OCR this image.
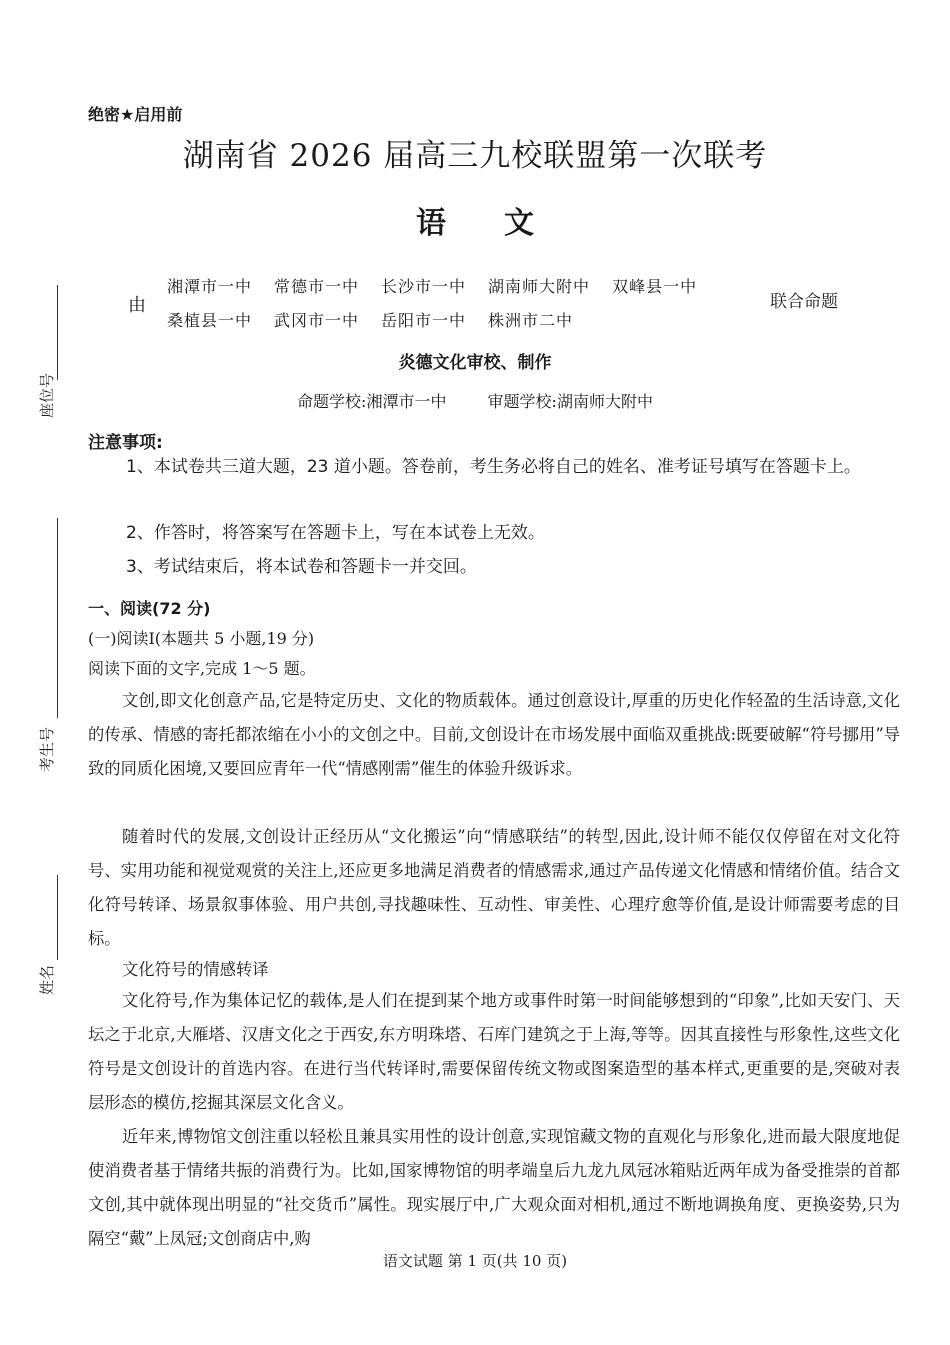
座位号
考生号
姓名
绝密★启用前
湖南省 2026 届高三九校联盟第一次联考
语文
由
湘潭市一中 常德市一中 长沙市一中 湖南师大附中 双峰县一中
桑植县一中 武冈市一中 岳阳市一中 株洲市二中
联合命题
炎德文化审校、制作
命题学校:湘潭市一中	审题学校:湖南师大附中
注意事项:
1、本试卷共三道大题，23 道小题。答卷前，考生务必将自己的姓名、准考证号填写在答题卡上。
2、作答时，将答案写在答题卡上，写在本试卷上无效。
3、考试结束后，将本试卷和答题卡一并交回。
一、阅读(72 分)
(一)阅读Ⅰ(本题共 5 小题,19 分)
阅读下面的文字,完成 1～5 题。
文创,即文化创意产品,它是特定历史、文化的物质载体。通过创意设计,厚重的历史化作轻盈的生活诗意,文化的传承、情感的寄托都浓缩在小小的文创之中。目前,文创设计在市场发展中面临双重挑战:既要破解“符号挪用”导致的同质化困境,又要回应青年一代“情感刚需”催生的体验升级诉求。
随着时代的发展,文创设计正经历从“文化搬运”向“情感联结”的转型,因此,设计师不能仅仅停留在对文化符号、实用功能和视觉观赏的关注上,还应更多地满足消费者的情感需求,通过产品传递文化情感和情绪价值。结合文化符号转译、场景叙事体验、用户共创,寻找趣味性、互动性、审美性、心理疗愈等价值,是设计师需要考虑的目标。
文化符号的情感转译
文化符号,作为集体记忆的载体,是人们在提到某个地方或事件时第一时间能够想到的“印象”,比如天安门、天坛之于北京,大雁塔、汉唐文化之于西安,东方明珠塔、石库门建筑之于上海,等等。因其直接性与形象性,这些文化符号是文创设计的首选内容。在进行当代转译时,需要保留传统文物或图案造型的基本样式,更重要的是,突破对表层形态的模仿,挖掘其深层文化含义。
近年来,博物馆文创注重以轻松且兼具实用性的设计创意,实现馆藏文物的直观化与形象化,进而最大限度地促使消费者基于情绪共振的消费行为。比如,国家博物馆的明孝端皇后九龙九凤冠冰箱贴近两年成为备受推崇的首都文创,其中就体现出明显的“社交货币”属性。现实展厅中,广大观众面对相机,通过不断地调换角度、更换姿势,只为隔空“戴”上凤冠;文创商店中,购
语文试题 第 1 页(共 10 页)
